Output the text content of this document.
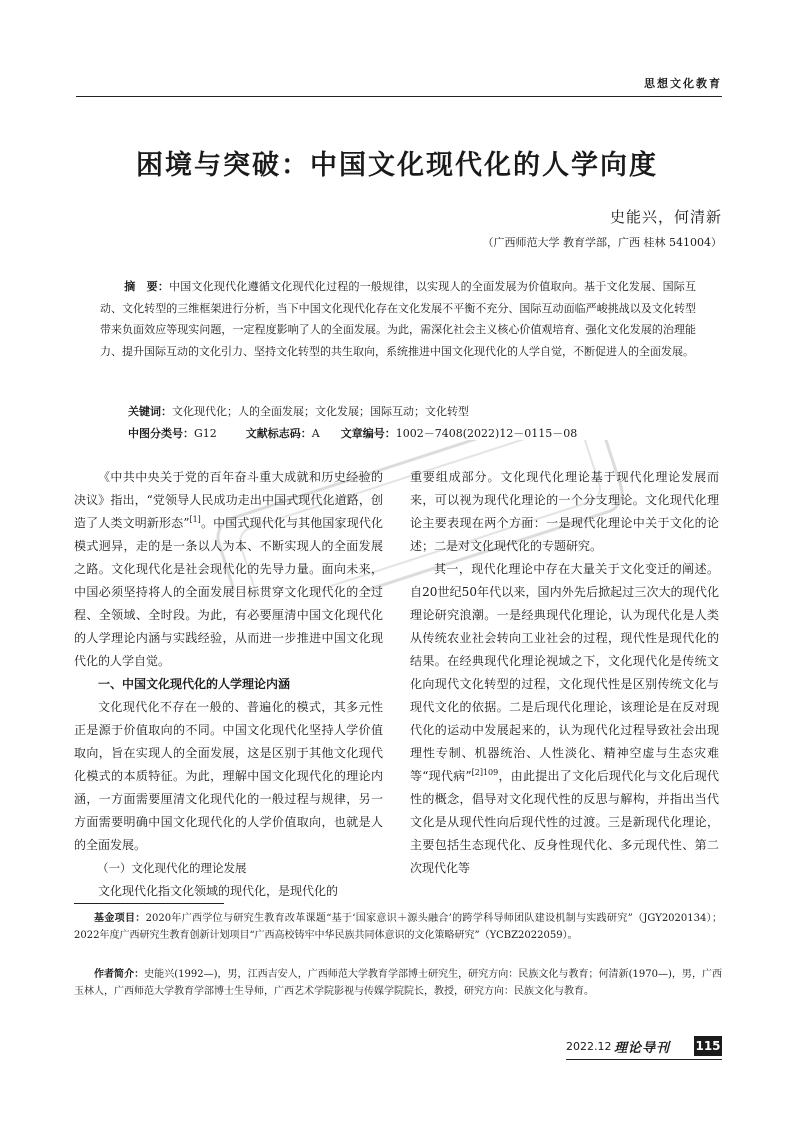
思想文化教育
困境与突破：中国文化现代化的人学向度
史能兴，何清新
（广西师范大学 教育学部，广西 桂林 541004）
摘　要：中国文化现代化遵循文化现代化过程的一般规律，以实现人的全面发展为价值取向。基于文化发展、国际互动、文化转型的三维框架进行分析，当下中国文化现代化存在文化发展不平衡不充分、国际互动面临严峻挑战以及文化转型带来负面效应等现实问题，一定程度影响了人的全面发展。为此，需深化社会主义核心价值观培育、强化文化发展的治理能力、提升国际互动的文化引力、坚持文化转型的共生取向，系统推进中国文化现代化的人学自觉，不断促进人的全面发展。
关键词：文化现代化；人的全面发展；文化发展；国际互动；文化转型
中图分类号：G12	文献标志码：A 文章编号：1002－7408(2022)12－0115－08

《中共中央关于党的百年奋斗重大成就和历史经验的决议》指出，“党领导人民成功走出中国式现代化道路，创造了人类文明新形态”[1]。中国式现代化与其他国家现代化模式迥异，走的是一条以人为本、不断实现人的全面发展之路。文化现代化是社会现代化的先导力量。面向未来，中国必须坚持将人的全面发展目标贯穿文化现代化的全过程、全领域、全时段。为此，有必要厘清中国文化现代化的人学理论内涵与实践经验，从而进一步推进中国文化现代化的人学自觉。

一、中国文化现代化的人学理论内涵

文化现代化不存在一般的、普遍化的模式，其多元性正是源于价值取向的不同。中国文化现代化坚持人学价值取向，旨在实现人的全面发展，这是区别于其他文化现代化模式的本质特征。为此，理解中国文化现代化的理论内涵，一方面需要厘清文化现代化的一般过程与规律，另一方面需要明确中国文化现代化的人学价值取向，也就是人的全面发展。

（一）文化现代化的理论发展

文化现代化指文化领域的现代化，是现代化的

重要组成部分。文化现代化理论基于现代化理论发展而来，可以视为现代化理论的一个分支理论。文化现代化理论主要表现在两个方面：一是现代化理论中关于文化的论述；二是对文化现代化的专题研究。

其一，现代化理论中存在大量关于文化变迁的阐述。自20世纪50年代以来，国内外先后掀起过三次大的现代化理论研究浪潮。一是经典现代化理论，认为现代化是人类从传统农业社会转向工业社会的过程，现代性是现代化的结果。在经典现代化理论视域之下，文化现代化是传统文化向现代文化转型的过程，文化现代性是区别传统文化与现代文化的依据。二是后现代化理论，该理论是在反对现代化的运动中发展起来的，认为现代化过程导致社会出现理性专制、机器统治、人性淡化、精神空虚与生态灾难等“现代病”$^{[2]109}$，由此提出了文化后现代化与文化后现代性的概念，倡导对文化现代性的反思与解构，并指出当代文化是从现代性向后现代性的过渡。三是新现代化理论，主要包括生态现代化、反身性现代化、多元现代性、第二次现代化等

基金项目：2020年广西学位与研究生教育改革课题“基于‘国家意识＋源头融合’的跨学科导师团队建设机制与实践研究”（JGY2020134）；2022年度广西研究生教育创新计划项目“广西高校铸牢中华民族共同体意识的文化策略研究”（YCBZ2022059）。
作者简介：史能兴(1992—)，男，江西吉安人，广西师范大学教育学部博士研究生，研究方向：民族文化与教育；何清新(1970—)，男，广西玉林人，广西师范大学教育学部博士生导师，广西艺术学院影视与传媒学院院长，教授，研究方向：民族文化与教育。
2022.12 理论导刊 115
